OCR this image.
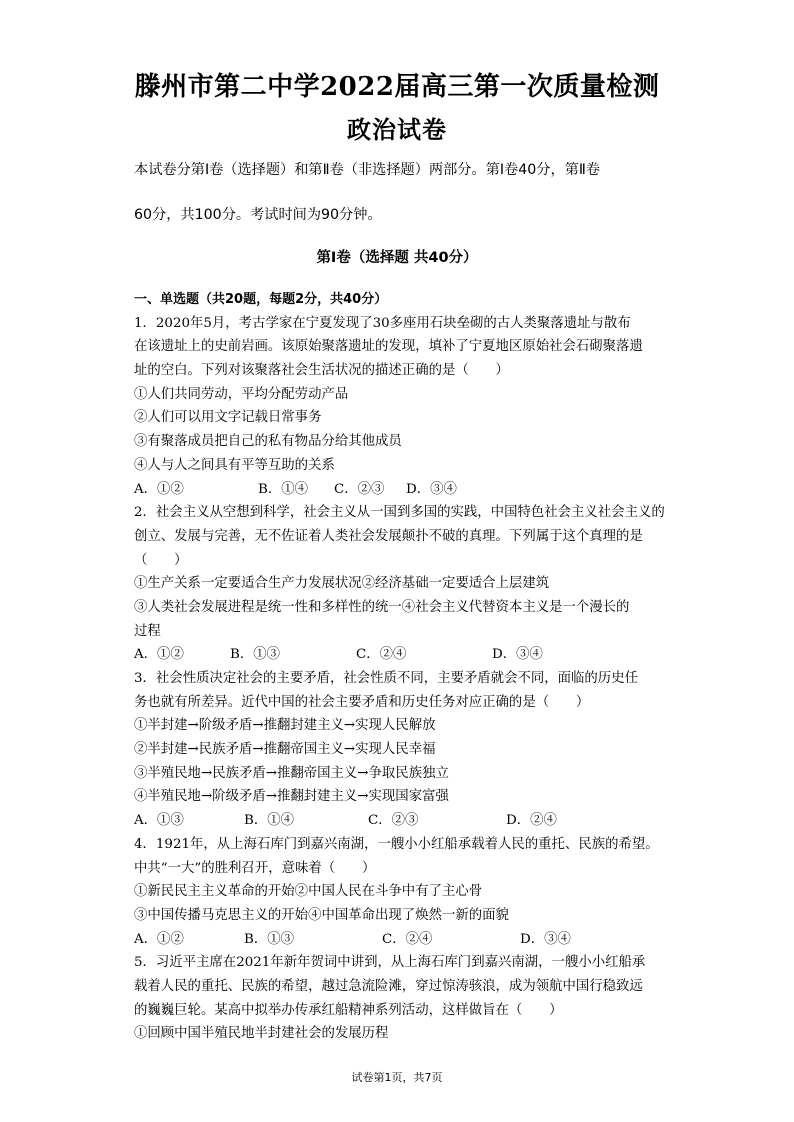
滕州市第二中学2022届高三第一次质量检测
政治试卷

本试卷分第Ⅰ卷（选择题）和第Ⅱ卷（非选择题）两部分。第Ⅰ卷40分，第Ⅱ卷

60分，共100分。考试时间为90分钟。

第Ⅰ卷（选择题 共40分）
一、单选题（共20题，每题2分，共40分）
1．2020年5月，考古学家在宁夏发现了30多座用石块垒砌的古人类聚落遗址与散布
在该遗址上的史前岩画。该原始聚落遗址的发现，填补了宁夏地区原始社会石砌聚落遗
址的空白。下列对该聚落社会生活状况的描述正确的是（　　）
①人们共同劳动，平均分配劳动产品
②人们可以用文字记载日常事务
③有聚落成员把自己的私有物品分给其他成员
④人与人之间具有平等互助的关系
A．①②	B．①④ C．②③ D．③④
2．社会主义从空想到科学，社会主义从一国到多国的实践，中国特色社会主义社会主义的
创立、发展与完善，无不佐证着人类社会发展颠扑不破的真理。下列属于这个真理的是
（　　）
①生产关系一定要适合生产力发展状况②经济基础一定要适合上层建筑
③人类社会发展进程是统一性和多样性的统一④社会主义代替资本主义是一个漫长的
过程
A．①②	B．①③	C．②④	D．③④
3．社会性质决定社会的主要矛盾，社会性质不同，主要矛盾就会不同，面临的历史任
务也就有所差异。近代中国的社会主要矛盾和历史任务对应正确的是（　　）
①半封建→阶级矛盾→推翻封建主义→实现人民解放
②半封建→民族矛盾→推翻帝国主义→实现人民幸福
③半殖民地→民族矛盾→推翻帝国主义→争取民族独立
④半殖民地→阶级矛盾→推翻封建主义→实现国家富强
A．①③	B．①④	C．②③	D．②④
4．1921年，从上海石库门到嘉兴南湖，一艘小小红船承载着人民的重托、民族的希望。
中共“一大”的胜利召开，意味着（　　）
①新民民主主义革命的开始②中国人民在斗争中有了主心骨
③中国传播马克思主义的开始④中国革命出现了焕然一新的面貌
A．①②	B．①③	C．②④	D．③④
5．习近平主席在2021年新年贺词中讲到，从上海石库门到嘉兴南湖，一艘小小红船承
载着人民的重托、民族的希望，越过急流险滩，穿过惊涛骇浪，成为领航中国行稳致远
的巍巍巨轮。某高中拟举办传承红船精神系列活动，这样做旨在（　　）
①回顾中国半殖民地半封建社会的发展历程
试卷第1页，共7页
